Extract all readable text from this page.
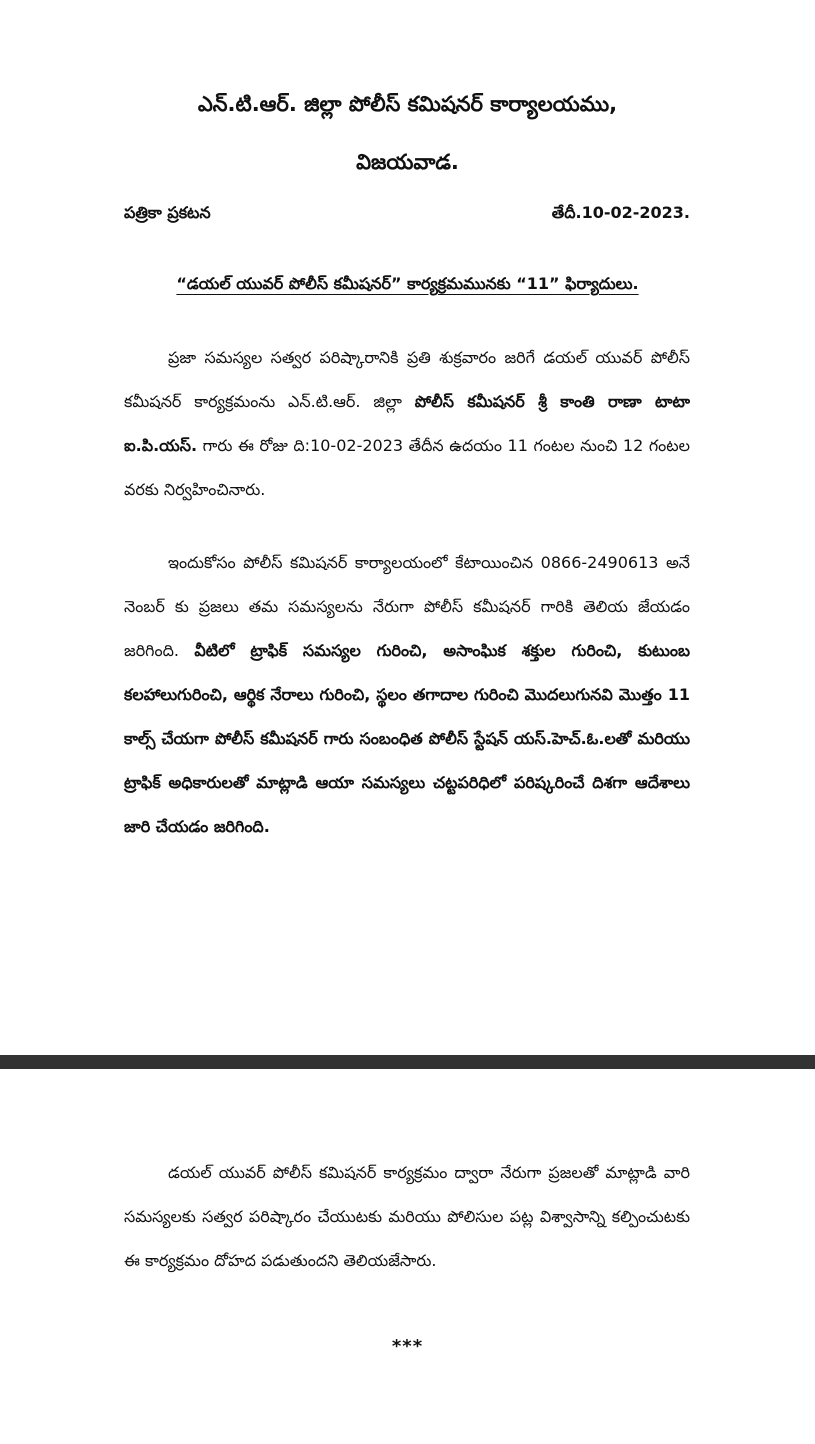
ఎన్.టి.ఆర్. జిల్లా పోలీస్ కమిషనర్ కార్యాలయము,
విజయవాడ.
పత్రికా ప్రకటన	తేదీ.10-02-2023.
“డయల్ యువర్ పోలీస్ కమీషనర్” కార్యక్రమమునకు “11” ఫిర్యాదులు.

ప్రజా సమస్యల సత్వర పరిష్కారానికి ప్రతి శుక్రవారం జరిగే డయల్ యువర్ పోలీస్ కమీషనర్ కార్యక్రమంను ఎన్.టి.ఆర్. జిల్లా పోలీస్ కమీషనర్ శ్రీ కాంతి రాణా టాటా ఐ.పి.యస్. గారు ఈ రోజు ది:10-02-2023 తేదీన ఉదయం 11 గంటల నుంచి 12 గంటల వరకు నిర్వహించినారు.

ఇందుకోసం పోలీస్ కమిషనర్ కార్యాలయంలో కేటాయించిన 0866-2490613 అనే నెంబర్ కు ప్రజలు తమ సమస్యలను నేరుగా పోలీస్ కమీషనర్ గారికి తెలియ జేయడం జరిగింది. వీటిలో ట్రాఫిక్ సమస్యల గురించి, అసాంఘిక శక్తుల గురించి, కుటుంబ కలహాలుగురించి, ఆర్థిక నేరాలు గురించి, స్థలం తగాదాల గురించి మొదలుగునవి మొత్తం 11 కాల్స్ చేయగా పోలీస్ కమీషనర్ గారు సంబంధిత పోలీస్ స్టేషన్ యస్.హెచ్.ఓ.లతో మరియు ట్రాఫిక్ అధికారులతో మాట్లాడి ఆయా సమస్యలు చట్టపరిధిలో పరిష్కరించే దిశగా ఆదేశాలు జారి చేయడం జరిగింది.

డయల్ యువర్ పోలీస్ కమిషనర్ కార్యక్రమం ద్వారా నేరుగా ప్రజలతో మాట్లాడి వారి సమస్యలకు సత్వర పరిష్కారం చేయుటకు మరియు పోలిసుల పట్ల విశ్వాసాన్ని కల్పించుటకు ఈ కార్యక్రమం దోహద పడుతుందని తెలియజేసారు.

***
